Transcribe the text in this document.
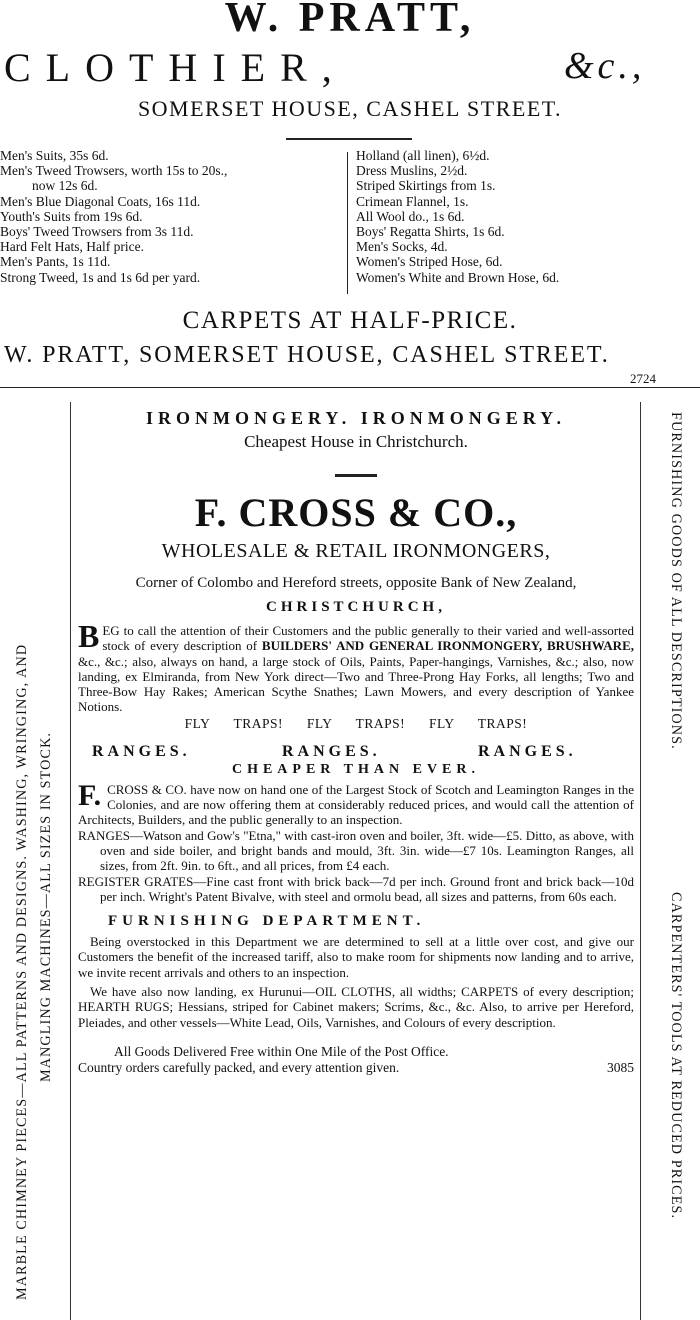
W. PRATT,
CLOTHIER,	&c.,
SOMERSET HOUSE, CASHEL STREET.
Men's Suits, 35s 6d.
Men's Tweed Trowsers, worth 15s to 20s.,
now 12s 6d.
Men's Blue Diagonal Coats, 16s 11d.
Youth's Suits from 19s 6d.
Boys' Tweed Trowsers from 3s 11d.
Hard Felt Hats, Half price.
Men's Pants, 1s 11d.
Strong Tweed, 1s and 1s 6d per yard.
Holland (all linen), 6½d.
Dress Muslins, 2½d.
Striped Skirtings from 1s.
Crimean Flannel, 1s.
All Wool do., 1s 6d.
Boys' Regatta Shirts, 1s 6d.
Men's Socks, 4d.
Women's Striped Hose, 6d.
Women's White and Brown Hose, 6d.
CARPETS AT HALF-PRICE.
W. PRATT, SOMERSET HOUSE, CASHEL STREET.
2724
MARBLE CHIMNEY PIECES—ALL PATTERNS AND DESIGNS. WASHING, WRINGING, AND MANGLING MACHINES—ALL SIZES IN STOCK.
FURNISHING GOODS OF ALL DESCRIPTIONS.
CARPENTERS' TOOLS AT REDUCED PRICES.
IRONMONGERY. IRONMONGERY.
Cheapest House in Christchurch.
F. CROSS & CO.,
WHOLESALE & RETAIL IRONMONGERS,
Corner of Colombo and Hereford streets, opposite Bank of New Zealand,
CHRISTCHURCH,
B EG to call the attention of their Customers and the public generally to their varied and well-assorted stock of every description of BUILDERS' AND GENERAL IRONMONGERY, BRUSHWARE, &c., &c.; also, always on hand, a large stock of Oils, Paints, Paper-hangings, Varnishes, &c.; also, now landing, ex Elmiranda, from New York direct—Two and Three-Prong Hay Forks, all lengths; Two and Three-Bow Hay Rakes; American Scythe Snathes; Lawn Mowers, and every description of Yankee Notions.
FLY TRAPS! FLY TRAPS! FLY TRAPS!
RANGES.	RANGES.	RANGES.
CHEAPER THAN EVER.
F. CROSS & CO. have now on hand one of the Largest Stock of Scotch and Leamington Ranges in the Colonies, and are now offering them at considerably reduced prices, and would call the attention of Architects, Builders, and the public generally to an inspection.
RANGES—Watson and Gow's "Etna," with cast-iron oven and boiler, 3ft. wide—£5. Ditto, as above, with oven and side boiler, and bright bands and mould, 3ft. 3in. wide—£7 10s. Leamington Ranges, all sizes, from 2ft. 9in. to 6ft., and all prices, from £4 each.
REGISTER GRATES—Fine cast front with brick back—7d per inch. Ground front and brick back—10d per inch. Wright's Patent Bivalve, with steel and ormolu bead, all sizes and patterns, from 60s each.
FURNISHING DEPARTMENT.
Being overstocked in this Department we are determined to sell at a little over cost, and give our Customers the benefit of the increased tariff, also to make room for shipments now landing and to arrive, we invite recent arrivals and others to an inspection.
We have also now landing, ex Hurunui—OIL CLOTHS, all widths; CARPETS of every description; HEARTH RUGS; Hessians, striped for Cabinet makers; Scrims, &c., &c. Also, to arrive per Hereford, Pleiades, and other vessels—White Lead, Oils, Varnishes, and Colours of every description.
All Goods Delivered Free within One Mile of the Post Office.
Country orders carefully packed, and every attention given.	3085
